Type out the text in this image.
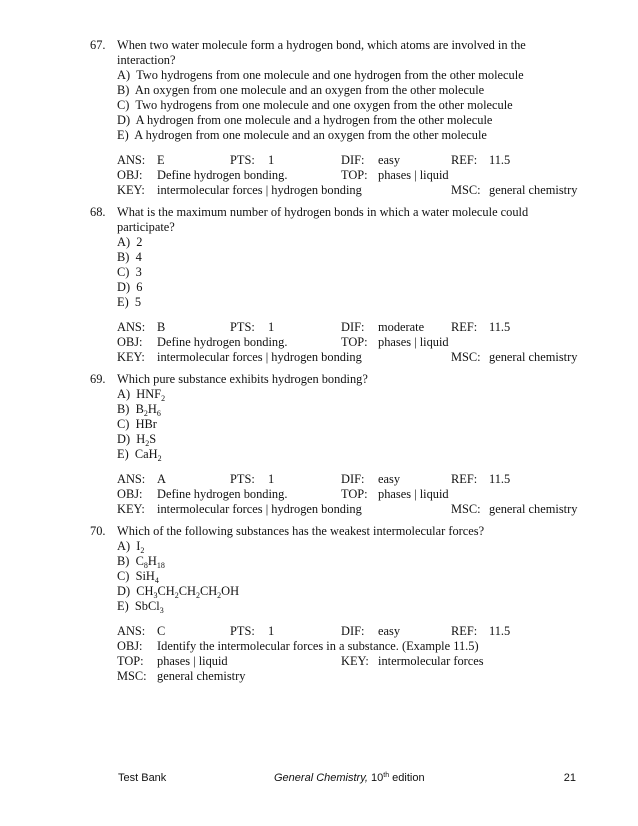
67. When two water molecule form a hydrogen bond, which atoms are involved in the
interaction?
A) Two hydrogens from one molecule and one hydrogen from the other molecule
B) An oxygen from one molecule and an oxygen from the other molecule
C) Two hydrogens from one molecule and one oxygen from the other molecule
D) A hydrogen from one molecule and a hydrogen from the other molecule
E) A hydrogen from one molecule and an oxygen from the other molecule
ANS: E	PTS: 1	DIF: easy	REF: 11.5
OBJ: Define hydrogen bonding.	TOP: phases | liquid
KEY: intermolecular forces | hydrogen bonding	MSC: general chemistry
68. What is the maximum number of hydrogen bonds in which a water molecule could
participate?
A) 2
B) 4
C) 3
D) 6
E) 5
ANS: B	PTS: 1	DIF: moderate REF: 11.5
OBJ: Define hydrogen bonding.	TOP: phases | liquid
KEY: intermolecular forces | hydrogen bonding	MSC: general chemistry
69. Which pure substance exhibits hydrogen bonding?
A) $HNF_2$
B) $B_2H_6$
C) HBr
D) $H_2S$
E) CaH$_2$
ANS: A	PTS: 1	DIF: easy	REF: 11.5
OBJ: Define hydrogen bonding.	TOP: phases | liquid
KEY: intermolecular forces | hydrogen bonding	MSC: general chemistry
70. Which of the following substances has the weakest intermolecular forces?
A) $I_2$
B) $C_8H_{18}$
C) SiH$_4$
D) $CH_3CH_2CH_2CH_2OH$
E) SbCl$_3$
ANS: C	PTS: 1	DIF: easy	REF: 11.5
OBJ: Identify the intermolecular forces in a substance. (Example 11.5)
TOP: phases | liquid	KEY: intermolecular forces
MSC: general chemistry
Test Bank	General Chemistry, 10th edition	21
